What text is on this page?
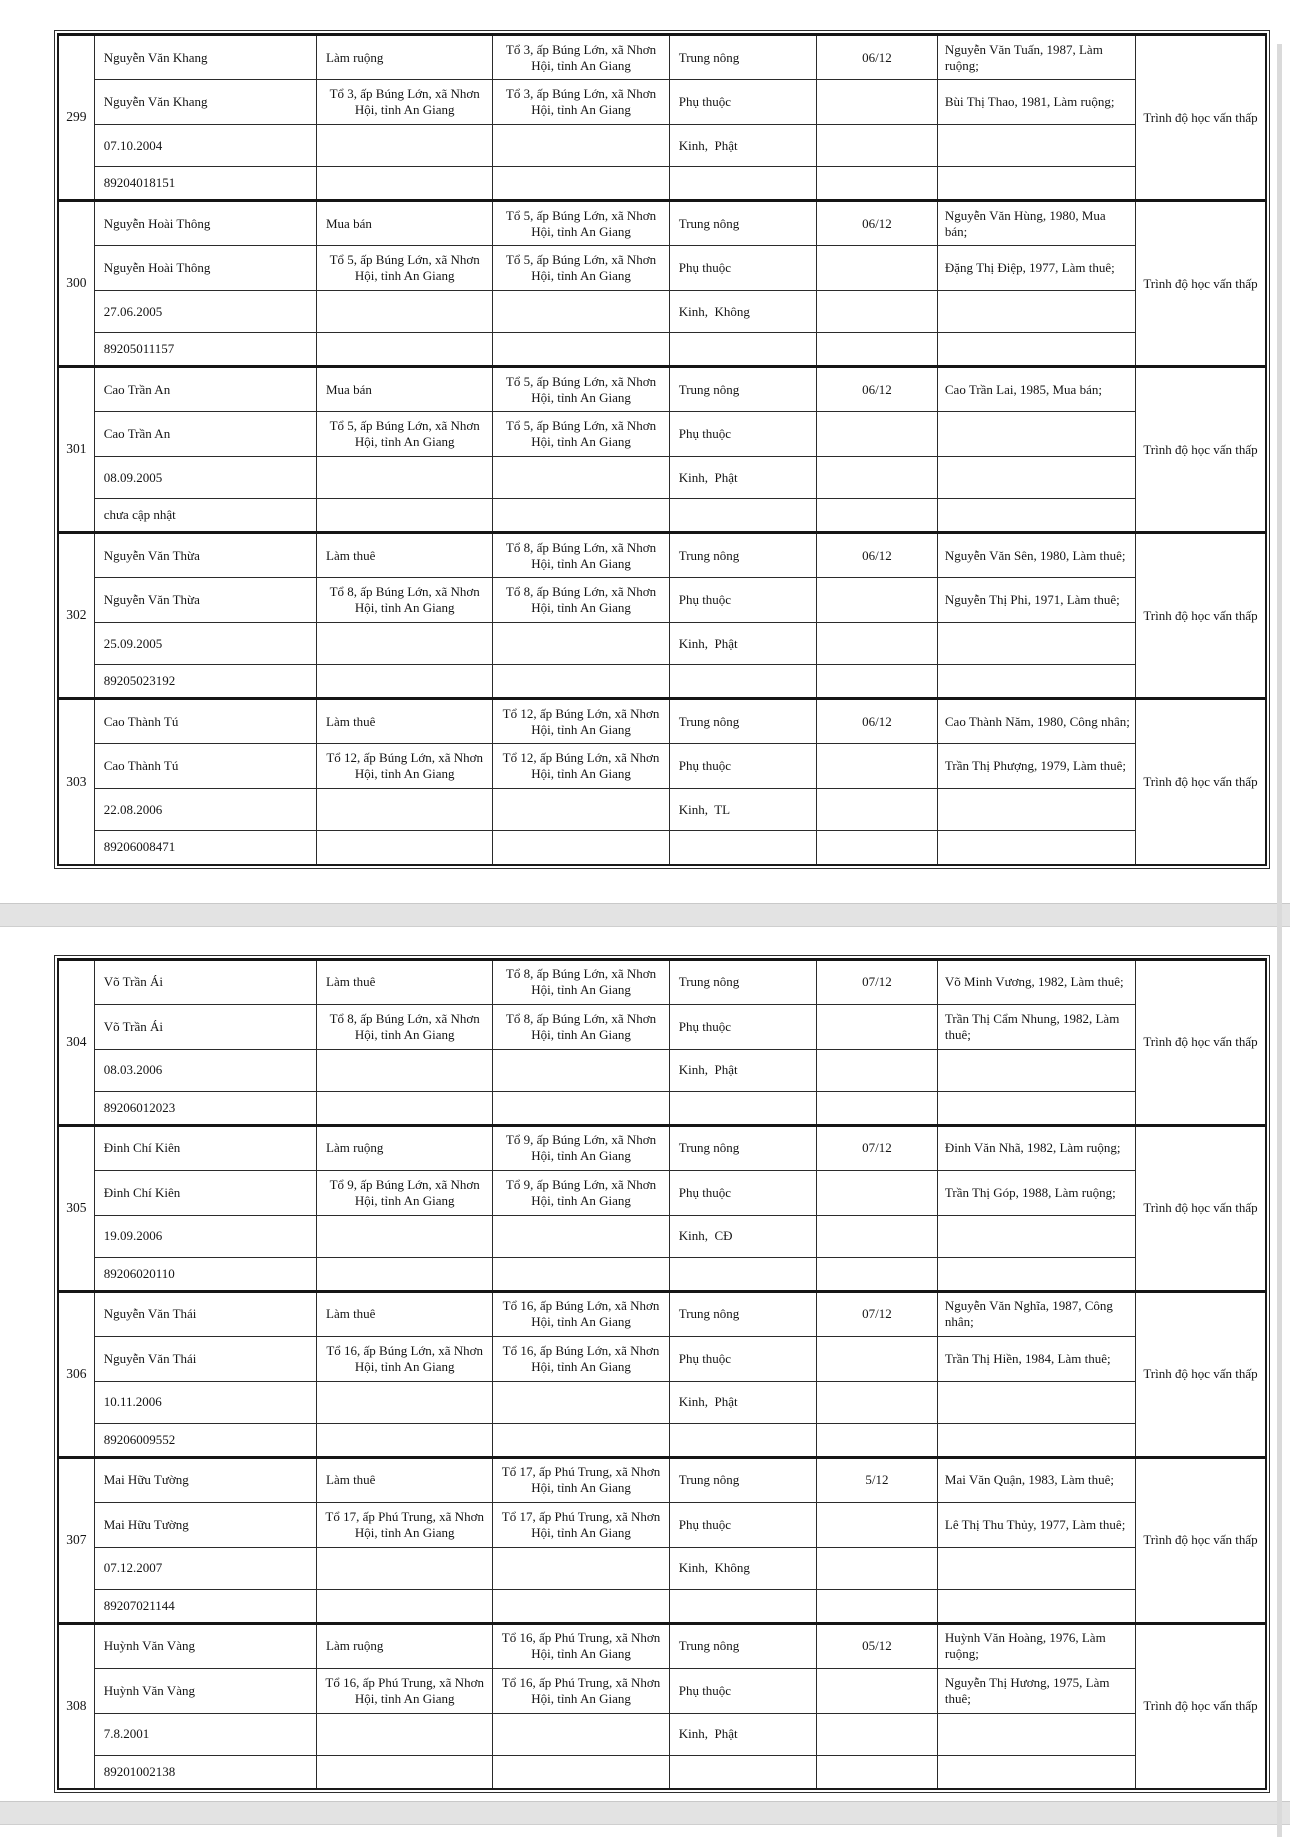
299	Nguyễn Văn Khang	Làm ruộng	Tổ 3, ấp Búng Lớn, xã Nhơn Hội, tỉnh An Giang	Trung nông	06/12	Nguyễn Văn Tuấn, 1987, Làm ruộng;	Trình độ học vấn thấp
	Nguyễn Văn Khang	Tổ 3, ấp Búng Lớn, xã Nhơn Hội, tỉnh An Giang	Tổ 3, ấp Búng Lớn, xã Nhơn Hội, tỉnh An Giang	Phụ thuộc		Bùi Thị Thao, 1981, Làm ruộng;	
	07.10.2004			Kinh,  Phật			
	89204018151						
300	Nguyễn Hoài Thông	Mua bán	Tổ 5, ấp Búng Lớn, xã Nhơn Hội, tỉnh An Giang	Trung nông	06/12	Nguyễn Văn Hùng, 1980, Mua bán;	Trình độ học vấn thấp
	Nguyễn Hoài Thông	Tổ 5, ấp Búng Lớn, xã Nhơn Hội, tỉnh An Giang	Tổ 5, ấp Búng Lớn, xã Nhơn Hội, tỉnh An Giang	Phụ thuộc		Đặng Thị Điệp, 1977, Làm thuê;	
	27.06.2005			Kinh,  Không			
	89205011157						
301	Cao Trần An	Mua bán	Tổ 5, ấp Búng Lớn, xã Nhơn Hội, tỉnh An Giang	Trung nông	06/12	Cao Trần Lai, 1985, Mua bán;	Trình độ học vấn thấp
	Cao Trần An	Tổ 5, ấp Búng Lớn, xã Nhơn Hội, tỉnh An Giang	Tổ 5, ấp Búng Lớn, xã Nhơn Hội, tỉnh An Giang	Phụ thuộc			
	08.09.2005			Kinh,  Phật			
	chưa cập nhật						
302	Nguyễn Văn Thừa	Làm thuê	Tổ 8, ấp Búng Lớn, xã Nhơn Hội, tỉnh An Giang	Trung nông	06/12	Nguyễn Văn Sên, 1980, Làm thuê;	Trình độ học vấn thấp
	Nguyễn Văn Thừa	Tổ 8, ấp Búng Lớn, xã Nhơn Hội, tỉnh An Giang	Tổ 8, ấp Búng Lớn, xã Nhơn Hội, tỉnh An Giang	Phụ thuộc		Nguyễn Thị Phi, 1971, Làm thuê;	
	25.09.2005			Kinh,  Phật			
	89205023192						
303	Cao Thành Tú	Làm thuê	Tổ 12, ấp Búng Lớn, xã Nhơn Hội, tỉnh An Giang	Trung nông	06/12	Cao Thành Năm, 1980, Công nhân;	Trình độ học vấn thấp
	Cao Thành Tú	Tổ 12, ấp Búng Lớn, xã Nhơn Hội, tỉnh An Giang	Tổ 12, ấp Búng Lớn, xã Nhơn Hội, tỉnh An Giang	Phụ thuộc		Trần Thị Phượng, 1979, Làm thuê;	
	22.08.2006			Kinh,  TL			
	89206008471						
304	Võ Trần Ái	Làm thuê	Tổ 8, ấp Búng Lớn, xã Nhơn Hội, tỉnh An Giang	Trung nông	07/12	Võ Minh Vương, 1982, Làm thuê;	Trình độ học vấn thấp
	Võ Trần Ái	Tổ 8, ấp Búng Lớn, xã Nhơn Hội, tỉnh An Giang	Tổ 8, ấp Búng Lớn, xã Nhơn Hội, tỉnh An Giang	Phụ thuộc		Trần Thị Cẩm Nhung, 1982, Làm thuê;	
	08.03.2006			Kinh,  Phật			
	89206012023						
305	Đinh Chí Kiên	Làm ruộng	Tổ 9, ấp Búng Lớn, xã Nhơn Hội, tỉnh An Giang	Trung nông	07/12	Đinh Văn Nhã, 1982, Làm ruộng;	Trình độ học vấn thấp
	Đinh Chí Kiên	Tổ 9, ấp Búng Lớn, xã Nhơn Hội, tỉnh An Giang	Tổ 9, ấp Búng Lớn, xã Nhơn Hội, tỉnh An Giang	Phụ thuộc		Trần Thị Góp, 1988, Làm ruộng;	
	19.09.2006			Kinh,  CĐ			
	89206020110						
306	Nguyễn Văn Thái	Làm thuê	Tổ 16, ấp Búng Lớn, xã Nhơn Hội, tỉnh An Giang	Trung nông	07/12	Nguyễn Văn Nghĩa, 1987, Công nhân;	Trình độ học vấn thấp
	Nguyễn Văn Thái	Tổ 16, ấp Búng Lớn, xã Nhơn Hội, tỉnh An Giang	Tổ 16, ấp Búng Lớn, xã Nhơn Hội, tỉnh An Giang	Phụ thuộc		Trần Thị Hiền, 1984, Làm thuê;	
	10.11.2006			Kinh,  Phật			
	89206009552						
307	Mai Hữu Tường	Làm thuê	Tổ 17, ấp Phú Trung, xã Nhơn Hội, tỉnh An Giang	Trung nông	5/12	Mai Văn Quận, 1983, Làm thuê;	Trình độ học vấn thấp
	Mai Hữu Tường	Tổ 17, ấp Phú Trung, xã Nhơn Hội, tỉnh An Giang	Tổ 17, ấp Phú Trung, xã Nhơn Hội, tỉnh An Giang	Phụ thuộc		Lê Thị Thu Thủy, 1977, Làm thuê;	
	07.12.2007			Kinh,  Không			
	89207021144						
308	Huỳnh Văn Vàng	Làm ruộng	Tổ 16, ấp Phú Trung, xã Nhơn Hội, tỉnh An Giang	Trung nông	05/12	Huỳnh Văn Hoàng, 1976, Làm ruộng;	Trình độ học vấn thấp
	Huỳnh Văn Vàng	Tổ 16, ấp Phú Trung, xã Nhơn Hội, tỉnh An Giang	Tổ 16, ấp Phú Trung, xã Nhơn Hội, tỉnh An Giang	Phụ thuộc		Nguyễn Thị Hương, 1975, Làm thuê;	
	7.8.2001			Kinh,  Phật			
	89201002138						
